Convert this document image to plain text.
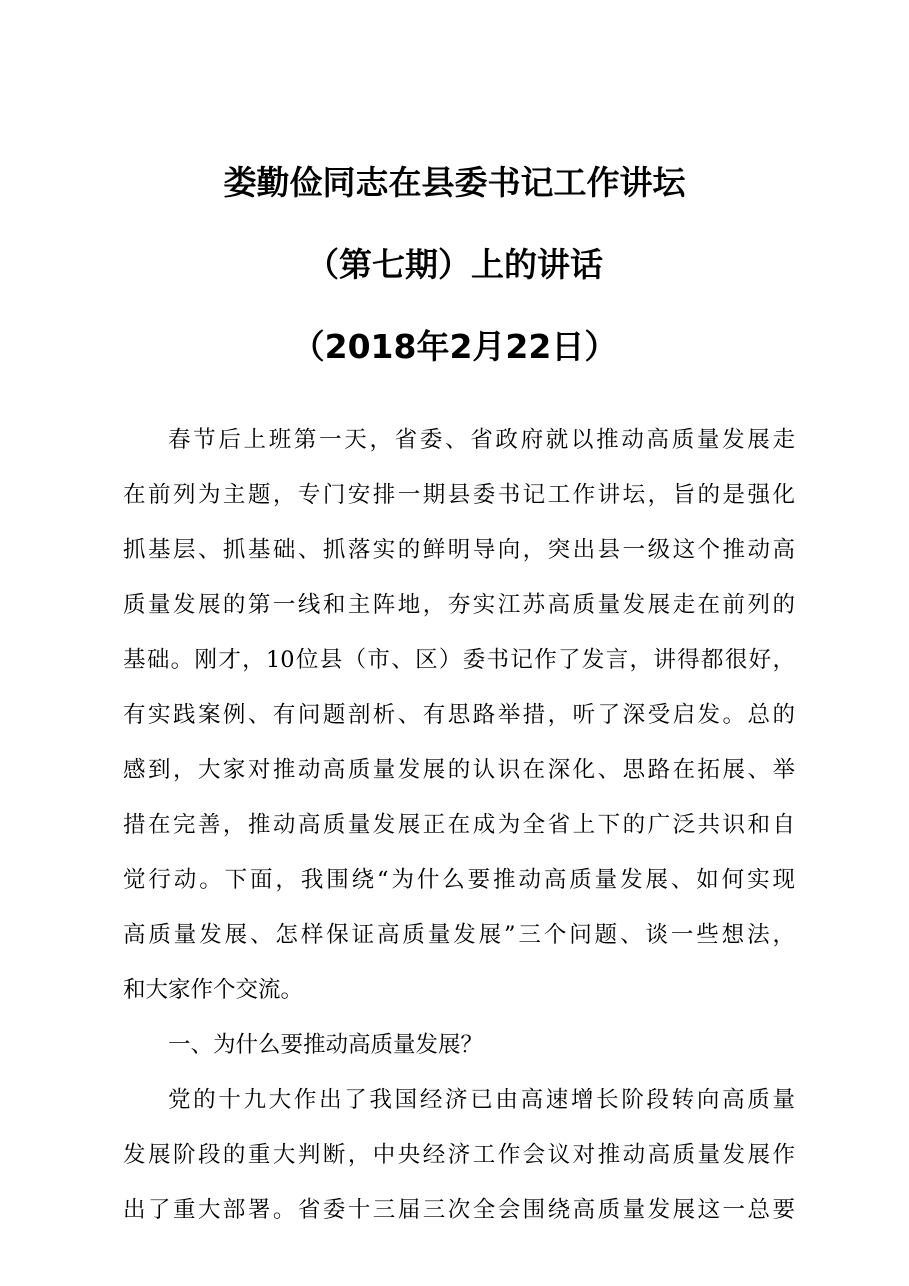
娄勤俭同志在县委书记工作讲坛
（第七期）上的讲话
（2018年2月22日）

春节后上班第一天，省委、省政府就以推动高质量发展走

在前列为主题，专门安排一期县委书记工作讲坛，旨的是强化

抓基层、抓基础、抓落实的鲜明导向，突出县一级这个推动高

质量发展的第一线和主阵地，夯实江苏高质量发展走在前列的

基础。刚才，10位县（市、区）委书记作了发言，讲得都很好，

有实践案例、有问题剖析、有思路举措，听了深受启发。总的

感到，大家对推动高质量发展的认识在深化、思路在拓展、举

措在完善，推动高质量发展正在成为全省上下的广泛共识和自

觉行动。下面，我围绕“为什么要推动高质量发展、如何实现

高质量发展、怎样保证高质量发展”三个问题、谈一些想法，

和大家作个交流。

一、为什么要推动高质量发展？

党的十九大作出了我国经济已由高速增长阶段转向高质量

发展阶段的重大判断，中央经济工作会议对推动高质量发展作

出了重大部署。省委十三届三次全会围绕高质量发展这一总要
